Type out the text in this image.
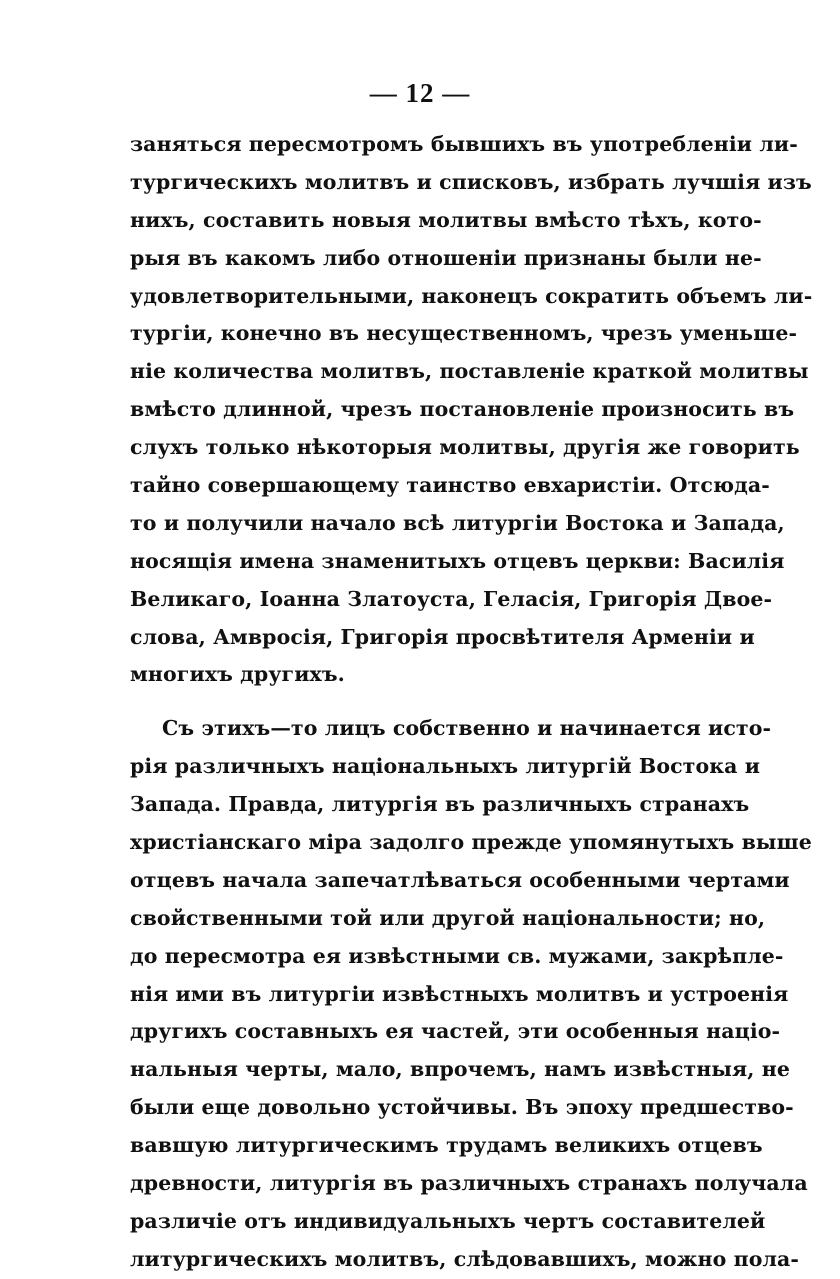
— 12 —
заняться пересмотромъ бывшихъ въ употребленіи ли-
тургическихъ молитвъ и списковъ, избрать лучшія изъ
нихъ, составить новыя молитвы вмѣсто тѣхъ, кото-
рыя въ какомъ либо отношеніи признаны были не-
удовлетворительными, наконецъ сократить объемъ ли-
тургіи, конечно въ несущественномъ, чрезъ уменьше-
ніе количества молитвъ, поставленіе краткой молитвы
вмѣсто длинной, чрезъ постановленіе произносить въ
слухъ только нѣкоторыя молитвы, другія же говорить
тайно совершающему таинство евхаристіи. Отсюда-
то и получили начало всѣ литургіи Востока и Запада,
носящія имена знаменитыхъ отцевъ церкви: Василія
Великаго, Іоанна Златоуста, Геласія, Григорія Двое-
слова, Амвросія, Григорія просвѣтителя Арменіи и
многихъ другихъ.
Съ этихъ—то лицъ собственно и начинается исто-
рія различныхъ національныхъ литургій Востока и
Запада. Правда, литургія въ различныхъ странахъ
христіанскаго міра задолго прежде упомянутыхъ выше
отцевъ начала запечатлѣваться особенными чертами
свойственными той или другой національности; но,
до пересмотра ея извѣстными св. мужами, закрѣпле-
нія ими въ литургіи извѣстныхъ молитвъ и устроенія
другихъ составныхъ ея частей, эти особенныя націо-
нальныя черты, мало, впрочемъ, намъ извѣстныя, не
были еще довольно устойчивы. Въ эпоху предшество-
вавшую литургическимъ трудамъ великихъ отцевъ
древности, литургія въ различныхъ странахъ получала
различіе отъ индивидуальныхъ чертъ составителей
литургическихъ молитвъ, слѣдовавшихъ, можно пола-
